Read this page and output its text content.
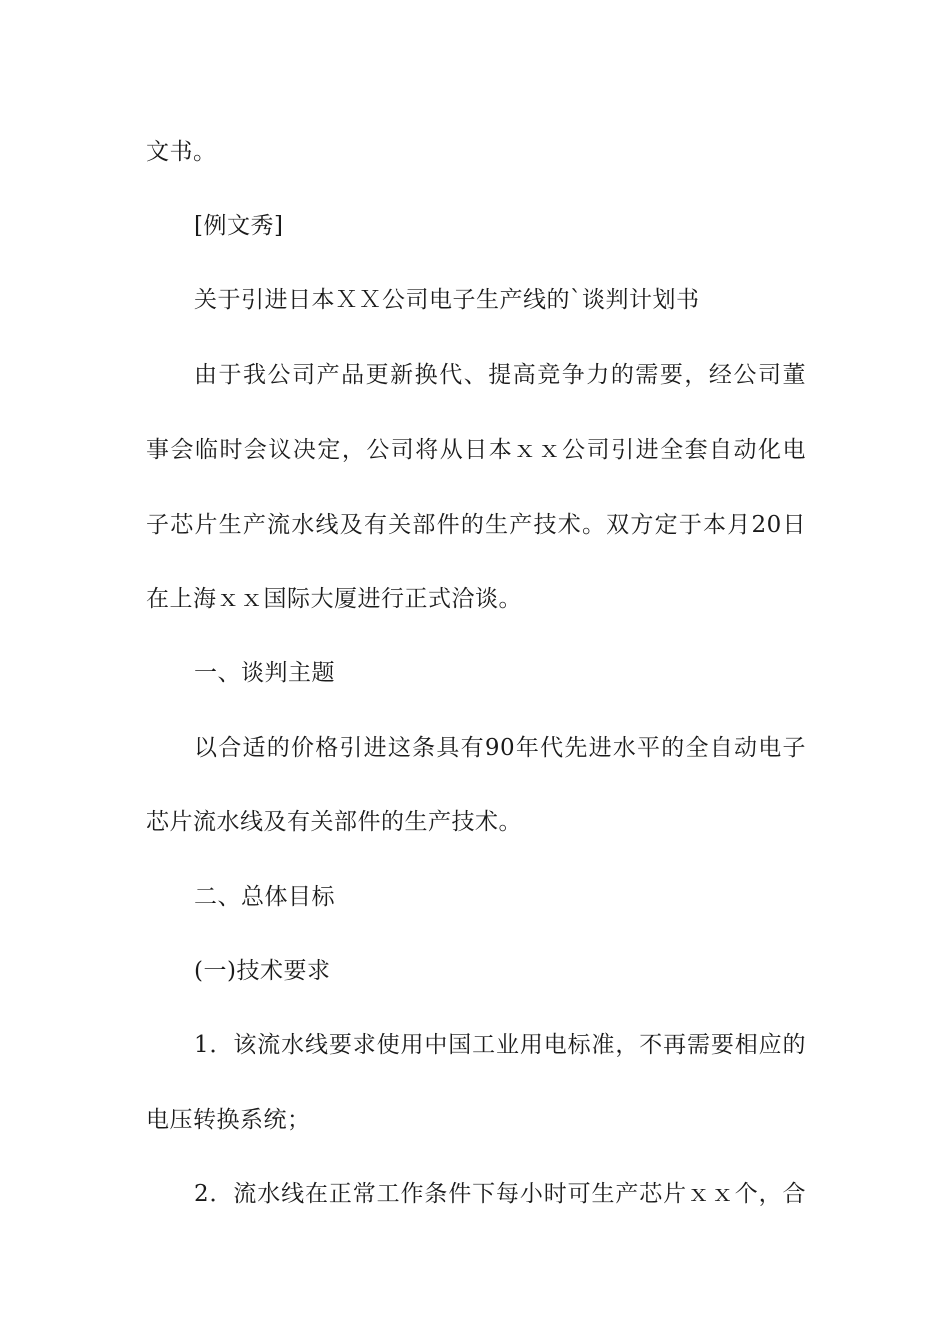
文书。
[例文秀]
关于引进日本ＸＸ公司电子生产线的`谈判计划书
由于我公司产品更新换代、提高竞争力的需要，经公司董
事会临时会议决定，公司将从日本ｘｘ公司引进全套自动化电
子芯片生产流水线及有关部件的生产技术。双方定于本月20日
在上海ｘｘ国际大厦进行正式洽谈。
一、谈判主题
以合适的价格引进这条具有90年代先进水平的全自动电子
芯片流水线及有关部件的生产技术。
二、总体目标
(一)技术要求
1．该流水线要求使用中国工业用电标准，不再需要相应的
电压转换系统；
2．流水线在正常工作条件下每小时可生产芯片ｘｘ个，合
